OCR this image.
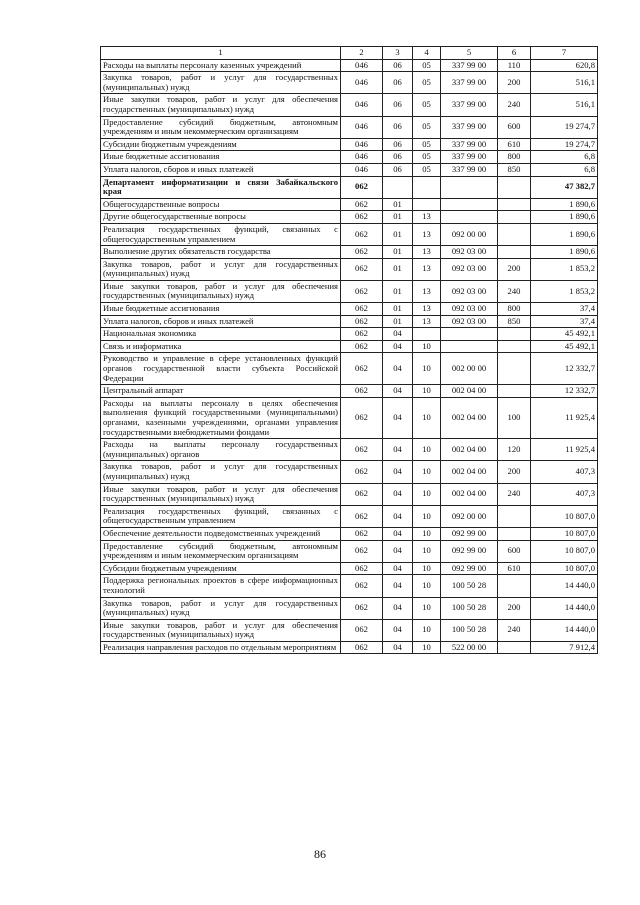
1	2	3	4	5	6	7
Расходы на выплаты персоналу казенных учреждений	046	06	05	337 99 00	110	620,8
Закупка товаров, работ и услуг для государственных (муниципальных) нужд	046	06	05	337 99 00	200	516,1
Иные закупки товаров, работ и услуг для обеспечения государственных (муниципальных) нужд	046	06	05	337 99 00	240	516,1
Предоставление субсидий бюджетным, автономным учреждениям и иным некоммерческим организациям	046	06	05	337 99 00	600	19 274,7
Субсидии бюджетным учреждениям	046	06	05	337 99 00	610	19 274,7
Иные бюджетные ассигнования	046	06	05	337 99 00	800	6,8
Уплата налогов, сборов и иных платежей	046	06	05	337 99 00	850	6,8
Департамент информатизации и связи Забайкальского края	062					47 382,7
Общегосударственные вопросы	062	01				1 890,6
Другие общегосударственные вопросы	062	01	13			1 890,6
Реализация государственных функций, связанных с общегосударственным управлением	062	01	13	092 00 00		1 890,6
Выполнение других обязательств государства	062	01	13	092 03 00		1 890,6
Закупка товаров, работ и услуг для государственных (муниципальных) нужд	062	01	13	092 03 00	200	1 853,2
Иные закупки товаров, работ и услуг для обеспечения государственных (муниципальных) нужд	062	01	13	092 03 00	240	1 853,2
Иные бюджетные ассигнования	062	01	13	092 03 00	800	37,4
Уплата налогов, сборов и иных платежей	062	01	13	092 03 00	850	37,4
Национальная экономика	062	04				45 492,1
Связь и информатика	062	04	10			45 492,1
Руководство и управление в сфере установленных функций органов государственной власти субъекта Российской Федерации	062	04	10	002 00 00		12 332,7
Центральный аппарат	062	04	10	002 04 00		12 332,7
Расходы на выплаты персоналу в целях обеспечения выполнения функций государственными (муниципальными) органами, казенными учреждениями, органами управления государственными внебюджетными фондами	062	04	10	002 04 00	100	11 925,4
Расходы на выплаты персоналу государственных (муниципальных) органов	062	04	10	002 04 00	120	11 925,4
Закупка товаров, работ и услуг для государственных (муниципальных) нужд	062	04	10	002 04 00	200	407,3
Иные закупки товаров, работ и услуг для обеспечения государственных (муниципальных) нужд	062	04	10	002 04 00	240	407,3
Реализация государственных функций, связанных с общегосударственным управлением	062	04	10	092 00 00		10 807,0
Обеспечение деятельности подведомственных учреждений	062	04	10	092 99 00		10 807,0
Предоставление субсидий бюджетным, автономным учреждениям и иным некоммерческим организациям	062	04	10	092 99 00	600	10 807,0
Субсидии бюджетным учреждениям	062	04	10	092 99 00	610	10 807,0
Поддержка региональных проектов в сфере информационных технологий	062	04	10	100 50 28		14 440,0
Закупка товаров, работ и услуг для государственных (муниципальных) нужд	062	04	10	100 50 28	200	14 440,0
Иные закупки товаров, работ и услуг для обеспечения государственных (муниципальных) нужд	062	04	10	100 50 28	240	14 440,0
Реализация направления расходов по отдельным мероприятиям	062	04	10	522 00 00		7 912,4
86
